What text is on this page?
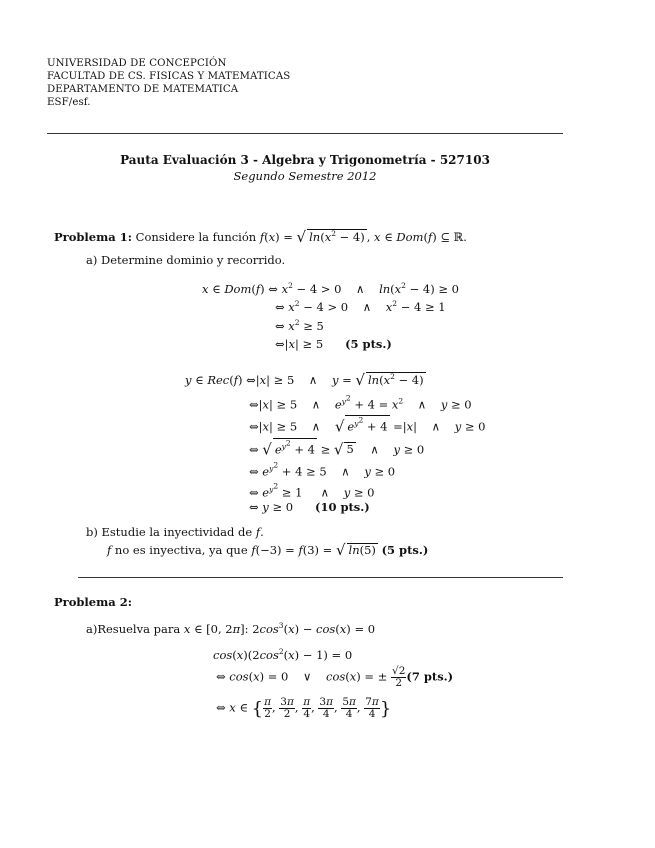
UNIVERSIDAD DE CONCEPCIÓN
FACULTAD DE CS. FISICAS Y MATEMATICAS
DEPARTAMENTO DE MATEMATICA
ESF/esf.
Pauta Evaluación 3 - Algebra y Trigonometría - 527103
Segundo Semestre 2012
Problema 1: Considere la función f(x) = √ $\ln(x^2 - 4)$ , x ∈ Dom(f) ⊆ ℝ.
a) Determine dominio y recorrido.
x ∈ Dom(f) ⇔ $x^2 - 4 > 0$    ∧    $\ln(x^2 - 4) \ge 0$
⇔ $x^2 - 4 > 0$    ∧    $x^2 - 4 \ge 1$
⇔ $x^2 \ge 5$
⇔|x| ≥ 5      (5 pts.)
y ∈ Rec(f) ⇔|x| ≥ 5    ∧    y = √ $\ln(x^2 - 4)$
⇔|x| ≥ 5    ∧    $e^{y^2} + 4 = x^2$    ∧    y ≥ 0
⇔|x| ≥ 5    ∧    √ $e^{y^2} + 4 =|x|$    ∧    y ≥ 0
⇔ √ $e^{y^2} + 4$ ≥ √ 5    ∧    y ≥ 0
⇔ $e^{y^2} + 4 \ge 5$    ∧    y ≥ 0
⇔ $e^{y^2} \ge 1$     ∧    y ≥ 0
⇔ y ≥ 0      (10 pts.)
b) Estudie la inyectividad de f.
f no es inyectiva, ya que f(−3) = f(3) = √ ln(5) (5 pts.)
Problema 2:
a)Resuelva para x ∈ [0, 2π]: $2\cos^3(x) - \cos(x) = 0$
$\cos(x)(2\cos^2(x) - 1) = 0$
⇔ cos(x) = 0    ∨    cos(x) = ± $\frac{√2}{2} (7$ pts.)
⇔ x ∈ { $\frac{\pi}{2}$ , $\frac{3\pi}{2}$ , $\frac{\pi}{4}$ , $\frac{3\pi}{4}$ , $\frac{5\pi}{4}$ , $\frac{7\pi}{4}$ }
